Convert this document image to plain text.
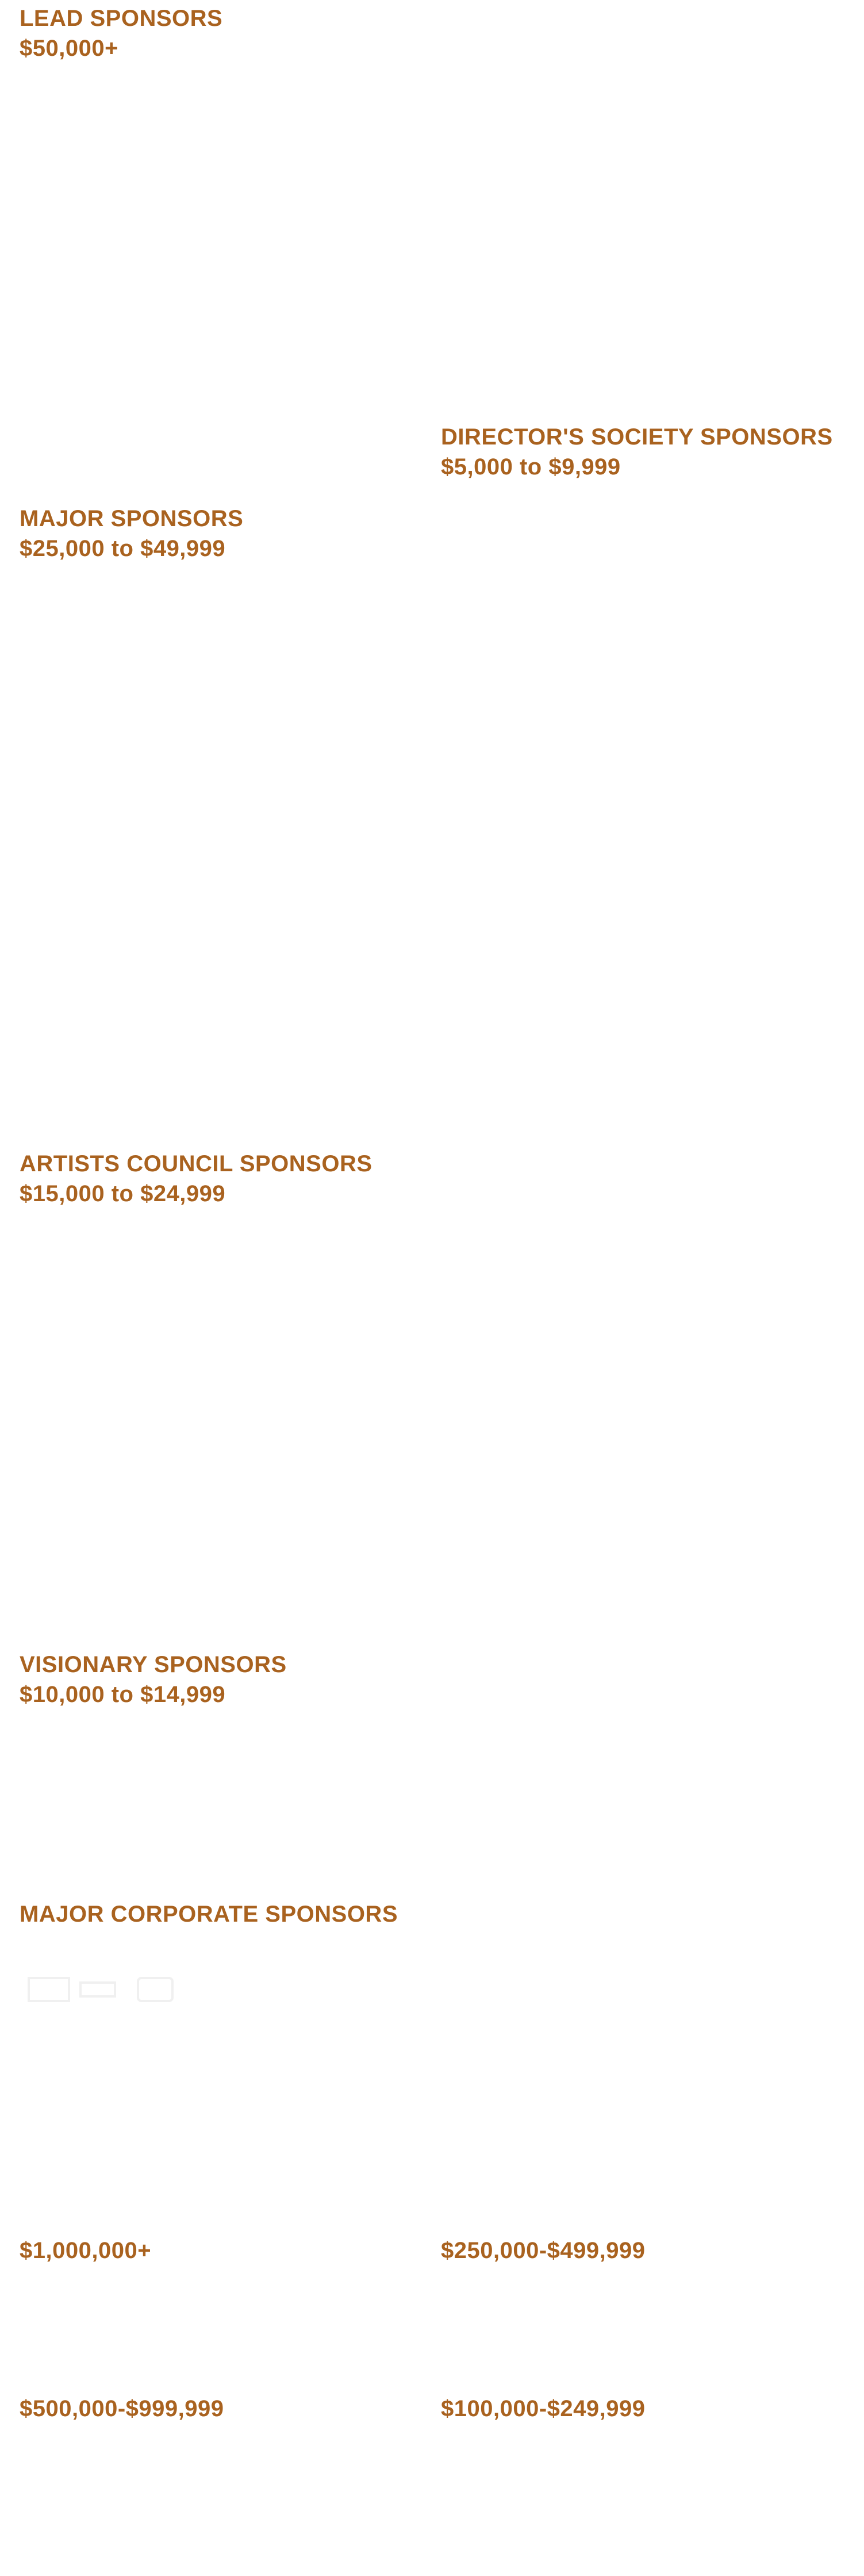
LEAD SPONSORS
$50,000+
DIRECTOR'S SOCIETY SPONSORS
$5,000 to $9,999
MAJOR SPONSORS
$25,000 to $49,999
ARTISTS COUNCIL SPONSORS
$15,000 to $24,999
VISIONARY SPONSORS
$10,000 to $14,999
MAJOR CORPORATE SPONSORS
$1,000,000+	$250,000-$499,999
$500,000-$999,999	$100,000-$249,999
